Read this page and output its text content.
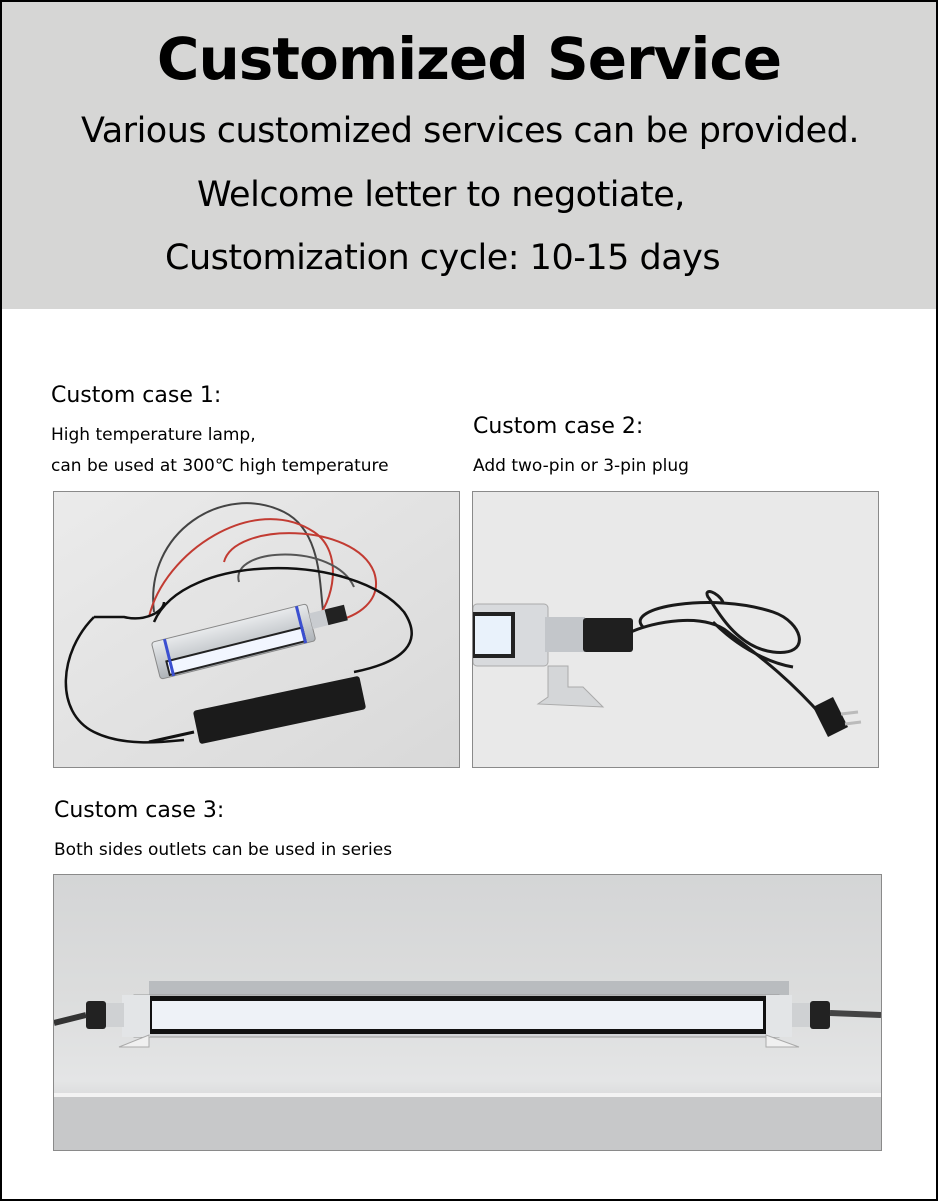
Customized Service
Various customized services can be provided.
Welcome letter to negotiate,
Customization cycle: 10-15 days
Custom case 1:
High temperature lamp,
can be used at 300℃ high temperature
Custom case 2:
Add two-pin or 3-pin plug
Custom case 3:
Both sides outlets can be used in series
